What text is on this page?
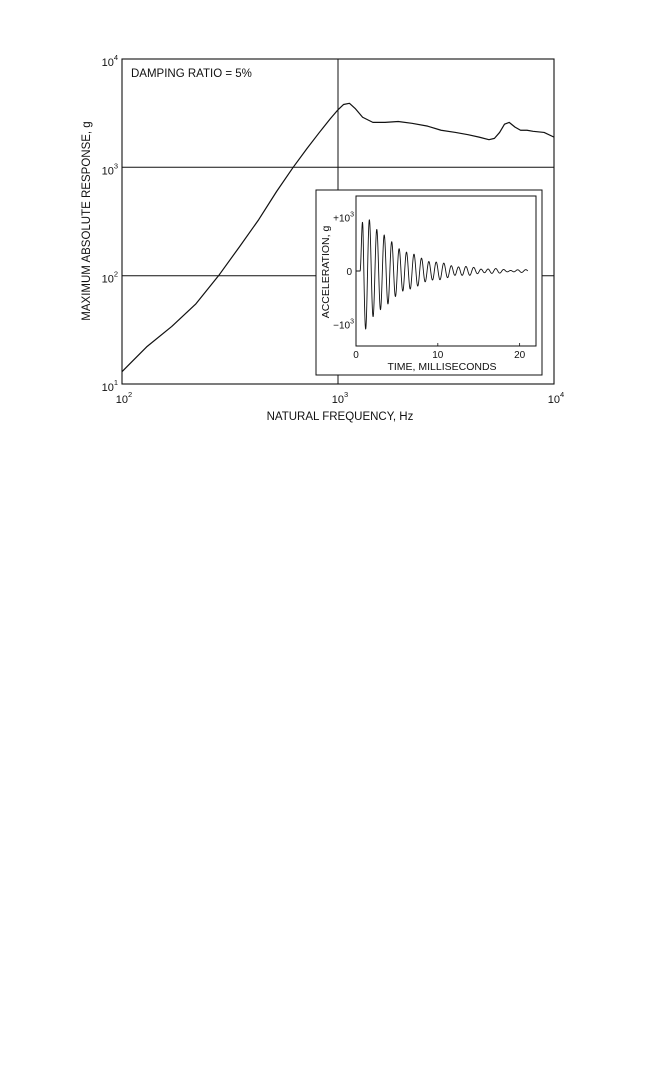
$10^2$	$10^3$	$10^4$
$10^1$
$10^2$
$10^3$
$10^4$
DAMPING RATIO = 5%
NATURAL FREQUENCY, Hz
MAXIMUM ABSOLUTE RESPONSE, g
0	10	20
$+10^3$
0
$-10^3$
TIME, MILLISECONDS
ACCELERATION, g
